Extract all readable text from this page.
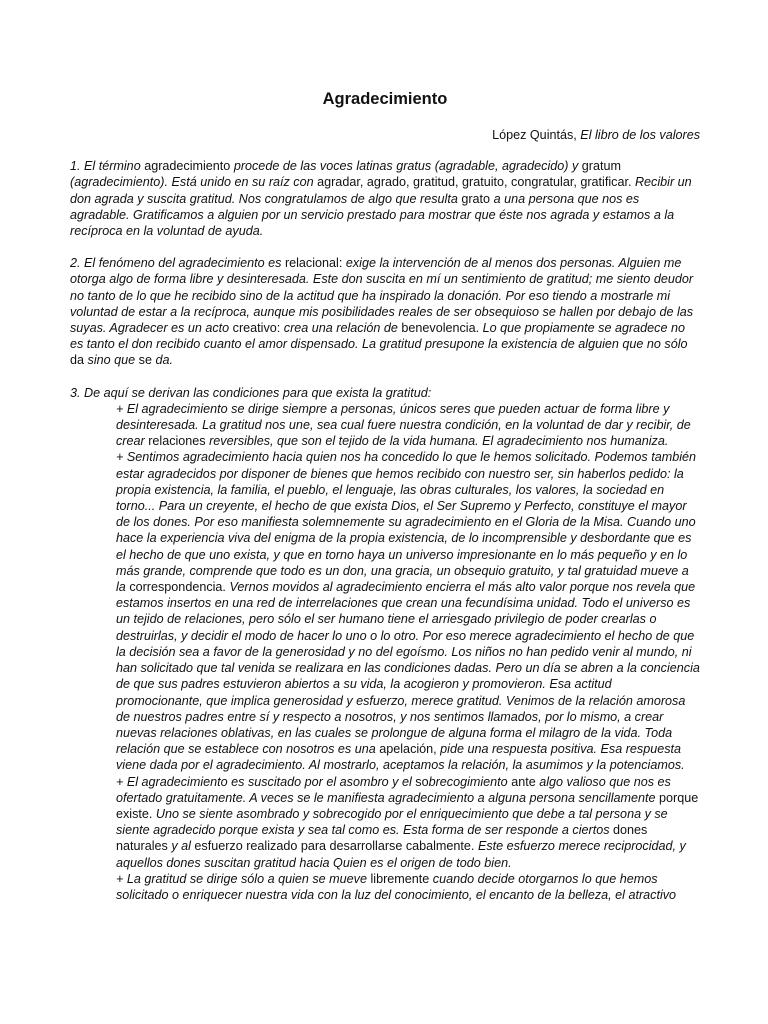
Agradecimiento
López Quintás, El libro de los valores

1. El término agradecimiento procede de las voces latinas gratus (agradable, agradecido) y gratum (agradecimiento). Está unido en su raíz con agradar, agrado, gratitud, gratuito, congratular, gratificar. Recibir un don agrada y suscita gratitud. Nos congratulamos de algo que resulta grato a una persona que nos es agradable. Gratificamos a alguien por un servicio prestado para mostrar que éste nos agrada y estamos a la recíproca en la voluntad de ayuda.

2. El fenómeno del agradecimiento es relacional: exige la intervención de al menos dos personas. Alguien me otorga algo de forma libre y desinteresada. Este don suscita en mí un sentimiento de gratitud; me siento deudor no tanto de lo que he recibido sino de la actitud que ha inspirado la donación. Por eso tiendo a mostrarle mi voluntad de estar a la recíproca, aunque mis posibilidades reales de ser obsequioso se hallen por debajo de las suyas. Agradecer es un acto creativo: crea una relación de benevolencia. Lo que propiamente se agradece no es tanto el don recibido cuanto el amor dispensado. La gratitud presupone la existencia de alguien que no sólo da sino que se da.

3. De aquí se derivan las condiciones para que exista la gratitud:

+ El agradecimiento se dirige siempre a personas, únicos seres que pueden actuar de forma libre y desinteresada. La gratitud nos une, sea cual fuere nuestra condición, en la voluntad de dar y recibir, de crear relaciones reversibles, que son el tejido de la vida humana. El agradecimiento nos humaniza.

+ Sentimos agradecimiento hacia quien nos ha concedido lo que le hemos solicitado. Podemos también estar agradecidos por disponer de bienes que hemos recibido con nuestro ser, sin haberlos pedido: la propia existencia, la familia, el pueblo, el lenguaje, las obras culturales, los valores, la sociedad en torno... Para un creyente, el hecho de que exista Dios, el Ser Supremo y Perfecto, constituye el mayor de los dones. Por eso manifiesta solemnemente su agradecimiento en el Gloria de la Misa. Cuando uno hace la experiencia viva del enigma de la propia existencia, de lo incomprensible y desbordante que es el hecho de que uno exista, y que en torno haya un universo impresionante en lo más pequeño y en lo más grande, comprende que todo es un don, una gracia, un obsequio gratuito, y tal gratuidad mueve a la correspondencia. Vernos movidos al agradecimiento encierra el más alto valor porque nos revela que estamos insertos en una red de interrelaciones que crean una fecundísima unidad. Todo el universo es un tejido de relaciones, pero sólo el ser humano tiene el arriesgado privilegio de poder crearlas o destruirlas, y decidir el modo de hacer lo uno o lo otro. Por eso merece agradecimiento el hecho de que la decisión sea a favor de la generosidad y no del egoísmo. Los niños no han pedido venir al mundo, ni han solicitado que tal venida se realizara en las condiciones dadas. Pero un día se abren a la conciencia de que sus padres estuvieron abiertos a su vida, la acogieron y promovieron. Esa actitud promocionante, que implica generosidad y esfuerzo, merece gratitud. Venimos de la relación amorosa de nuestros padres entre sí y respecto a nosotros, y nos sentimos llamados, por lo mismo, a crear nuevas relaciones oblativas, en las cuales se prolongue de alguna forma el milagro de la vida. Toda relación que se establece con nosotros es una apelación, pide una respuesta positiva. Esa respuesta viene dada por el agradecimiento. Al mostrarlo, aceptamos la relación, la asumimos y la potenciamos.

+ El agradecimiento es suscitado por el asombro y el sobrecogimiento ante algo valioso que nos es ofertado gratuitamente. A veces se le manifiesta agradecimiento a alguna persona sencillamente porque existe. Uno se siente asombrado y sobrecogido por el enriquecimiento que debe a tal persona y se siente agradecido porque exista y sea tal como es. Esta forma de ser responde a ciertos dones naturales y al esfuerzo realizado para desarrollarse cabalmente. Este esfuerzo merece reciprocidad, y aquellos dones suscitan gratitud hacia Quien es el origen de todo bien.

+ La gratitud se dirige sólo a quien se mueve libremente cuando decide otorgarnos lo que hemos solicitado o enriquecer nuestra vida con la luz del conocimiento, el encanto de la belleza, el atractivo
